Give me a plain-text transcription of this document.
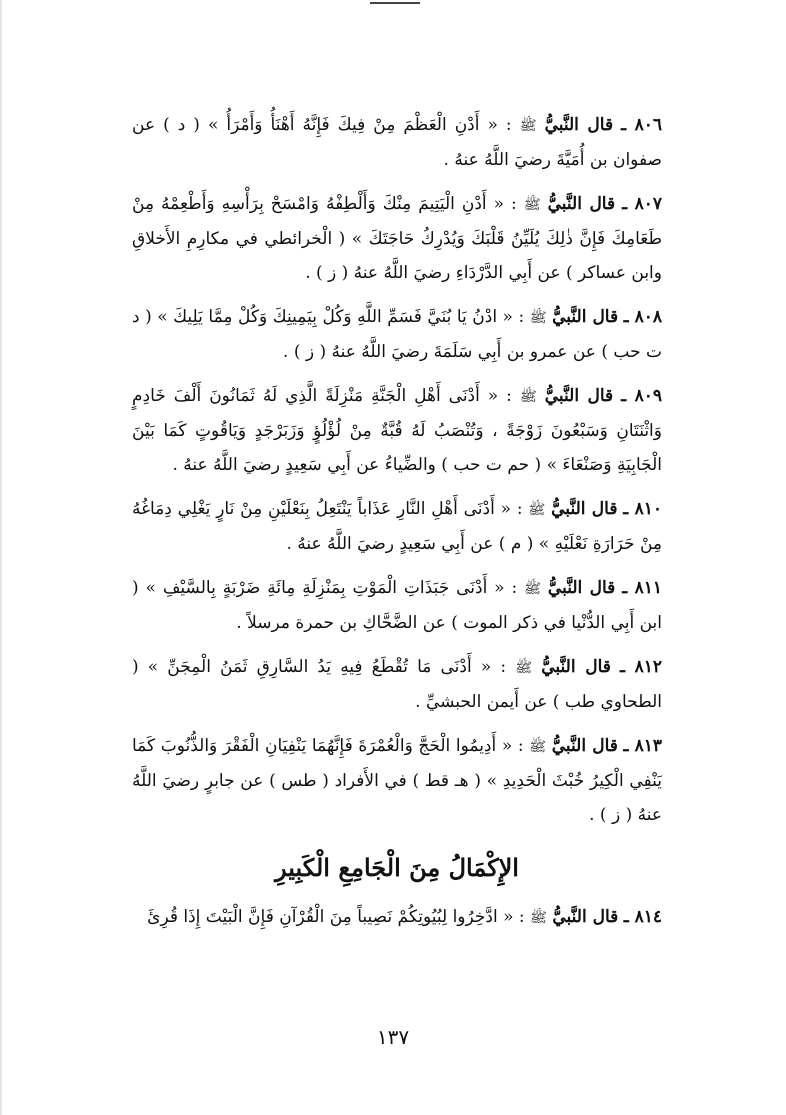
٨٠٦ ـ قال النَّبيُّ ﷺ : « أَدْنِ الْعَظْمَ مِنْ فِيكَ فَإِنَّهُ أَهْنَأُ وَأَمْرَأُ » ( د ) عن صفوان بن أُمَيَّةَ رضيَ اللَّهُ عنهُ .

٨٠٧ ـ قال النَّبيُّ ﷺ : « أَدْنِ الْيَتِيمَ مِنْكَ وَأَلْطِفْهُ وَامْسَحْ بِرَأْسِهِ وَأَطْعِمْهُ مِنْ طَعَامِكَ فَإِنَّ ذٰلِكَ يُلَيِّنُ قَلْبَكَ وَيُدْرِكُ حَاجَتَكَ » ( الْخرائطي في مكارِمِ الأَخلاقِ وابن عساكر ) عن أَبِي الدَّرْدَاءِ رضيَ اللَّهُ عنهُ ( ز ) .

٨٠٨ ـ قال النَّبيُّ ﷺ : « ادْنُ يَا بُنَيَّ فَسَمِّ اللَّهِ وَكُلْ بِيَمِينِكَ وَكُلْ مِمَّا يَلِيكَ » ( د ت حب ) عن عمرو بن أَبِي سَلَمَةَ رضيَ اللَّهُ عنهُ ( ز ) .

٨٠٩ ـ قال النَّبيُّ ﷺ : « أَدْنَى أَهْلِ الْجَنَّةِ مَنْزِلَةً الَّذِي لَهُ ثَمَانُونَ أَلْفَ خَادِمٍ وَاثْنَتَانِ وَسَبْعُونَ زَوْجَةً ، وَتُنْصَبُ لَهُ قُبَّةٌ مِنْ لُؤْلُؤٍ وَزَبَرْجَدٍ وَيَاقُوتٍ كَمَا بَيْنَ الْجَابِيَةِ وَصَنْعَاءَ » ( حم ت حب ) والضِّياءُ عن أَبِي سَعِيدٍ رضيَ اللَّهُ عنهُ .

٨١٠ ـ قال النَّبيُّ ﷺ : « أَدْنَى أَهْلِ النَّارِ عَذَاباً يَنْتَعِلُ بِنَعْلَيْنِ مِنْ نَارٍ يَغْلِي دِمَاغُهُ مِنْ حَرَارَةِ نَعْلَيْهِ » ( م ) عن أَبِي سَعِيدٍ رضيَ اللَّهُ عنهُ .

٨١١ ـ قال النَّبيُّ ﷺ : « أَدْنَى جَبَذَاتِ الْمَوْتِ بِمَنْزِلَةِ مِائَةِ ضَرْبَةٍ بِالسَّيْفِ » ( ابن أَبِي الدُّنْيا في ذكر الموت ) عن الضَّحَّاكِ بن حمرة مرسلاً .

٨١٢ ـ قال النَّبيُّ ﷺ : « أَدْنَى مَا تُقْطَعُ فِيهِ يَدُ السَّارِقِ ثَمَنُ الْمِجَنِّ » ( الطحاوي طب ) عن أَيمن الحبشيِّ .

٨١٣ ـ قال النَّبيُّ ﷺ : « أَدِيمُوا الْحَجَّ وَالْعُمْرَةَ فَإِنَّهُمَا يَنْفِيَانِ الْفَقْرَ وَالذُّنُوبَ كَمَا يَنْفِي الْكِيرُ خُبْثَ الْحَدِيدِ » ( هـ قط ) في الأَفراد ( طس ) عن جابرٍ رضيَ اللَّهُ عنهُ ( ز ) .

الإِكْمَالُ مِنَ الْجَامِعِ الْكَبِيرِ

٨١٤ ـ قال النَّبيُّ ﷺ : « ادَّخِرُوا لِبُيُوتِكُمْ نَصِيباً مِنَ الْقُرْآنِ فَإِنَّ الْبَيْتَ إِذَا قُرِئَ

١٣٧
